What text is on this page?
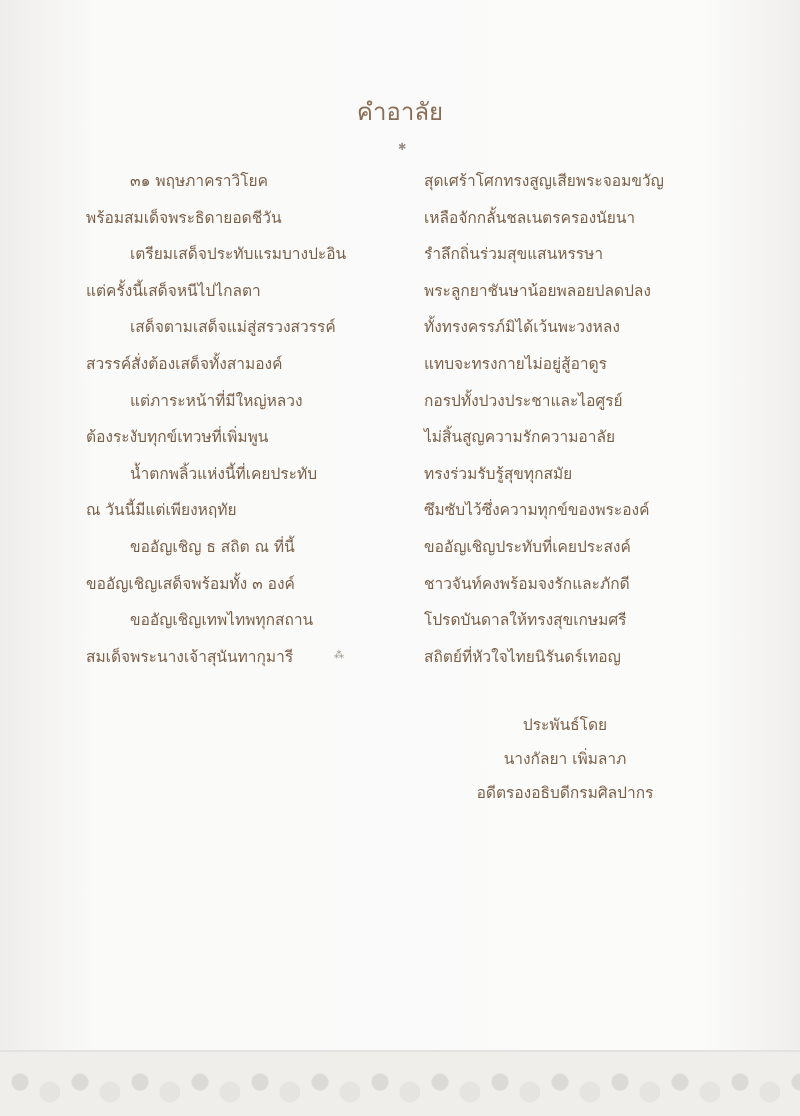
คำอาลัย
✱
๓๑ พฤษภาคราวิโยค
พร้อมสมเด็จพระธิดายอดชีวัน
เตรียมเสด็จประทับแรมบางปะอิน
แต่ครั้งนี้เสด็จหนีไปไกลตา
เสด็จตามเสด็จแม่สู่สรวงสวรรค์
สวรรค์สั่งต้องเสด็จทั้งสามองค์
แต่ภาระหน้าที่มีใหญ่หลวง
ต้องระงับทุกข์เทวษที่เพิ่มพูน
น้ำตกพลิ้วแห่งนี้ที่เคยประทับ
ณ วันนี้มีแต่เพียงหฤทัย
ขออัญเชิญ ธ สถิต ณ ที่นี้
ขออัญเชิญเสด็จพร้อมทั้ง ๓ องค์
ขออัญเชิญเทพไทพทุกสถาน
สมเด็จพระนางเจ้าสุนันทากุมารี	⁂
สุดเศร้าโศกทรงสูญเสียพระจอมขวัญ
เหลือจักกลั้นชลเนตรครองนัยนา
รำลึกถิ่นร่วมสุขแสนหรรษา
พระลูกยาชันษาน้อยพลอยปลดปลง
ทั้งทรงครรภ์มิได้เว้นพะวงหลง
แทบจะทรงกายไม่อยู่สู้อาดูร
กอรปทั้งปวงประชาและไอศูรย์
ไม่สิ้นสูญความรักความอาลัย
ทรงร่วมรับรู้สุขทุกสมัย
ซึมซับไว้ซึ่งความทุกข์ของพระองค์
ขออัญเชิญประทับที่เคยประสงค์
ชาวจันท์คงพร้อมจงรักและภักดี
โปรดบันดาลให้ทรงสุขเกษมศรี
สถิตย์ที่หัวใจไทยนิรันดร์เทอญ
ประพันธ์โดย
นางกัลยา เพิ่มลาภ
อดีตรองอธิบดีกรมศิลปากร
